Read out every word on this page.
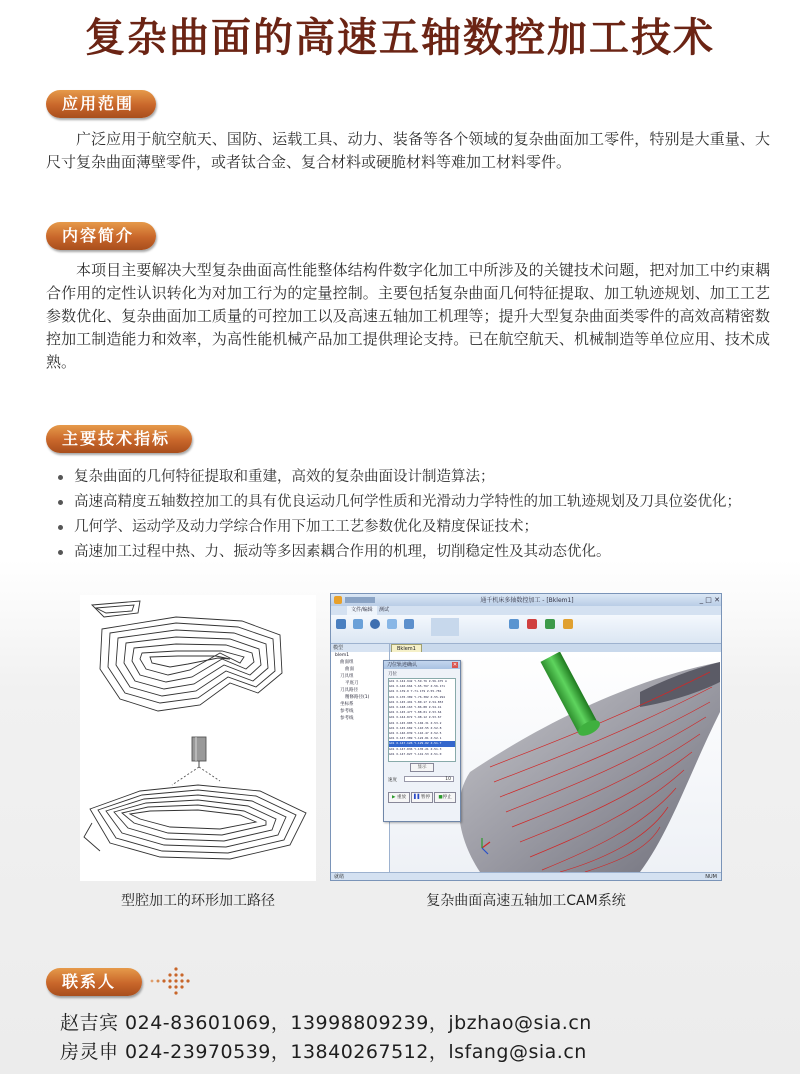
复杂曲面的高速五轴数控加工技术
应用范围
广泛应用于航空航天、国防、运载工具、动力、装备等各个领域的复杂曲面加工零件，特别是大重量、大尺寸复杂曲面薄壁零件，或者钛合金、复合材料或硬脆材料等难加工材料零件。
内容简介
本项目主要解决大型复杂曲面高性能整体结构件数字化加工中所涉及的关键技术问题，把对加工中约束耦合作用的定性认识转化为对加工行为的定量控制。主要包括复杂曲面几何特征提取、加工轨迹规划、加工工艺参数优化、复杂曲面加工质量的可控加工以及高速五轴加工机理等；提升大型复杂曲面类零件的高效高精密数控加工制造能力和效率，为高性能机械产品加工提供理论支持。已在航空航天、机械制造等单位应用、技术成熟。
主要技术指标
复杂曲面的几何特征提取和重建，高效的复杂曲面设计制造算法；
高速高精度五轴数控加工的具有优良运动几何学性质和光滑动力学特性的加工轨迹规划及刀具位姿优化；
几何学、运动学及动力学综合作用下加工工艺参数优化及精度保证技术；
高速加工过程中热、力、振动等多因素耦合作用的机理，切削稳定性及其动态优化。
型腔加工的环形加工路径
通千机床多轴数控加工 - [Bklem1]	_ □ ✕
文件/编辑	测试
Bklem1
模型
blem1
曲面组
曲面
刀具组
平底刀
刀具路径
精修路径(1)
坐标系
参考线
参考线
刀位轨迹确认	✕
刀位
GO1 X-142.942 Y-59.76 Z-56.475 A
GO1 X-140.664 Y-65.767 Z-56.171
GO1 X-139.0 Y-71.179 Z-55.781
GO1 X-135.389 Y-76.382 Z-55.294
GO1 X-145.491 Y-80.17 Z-54.853
GO1 X-148.163 Y-86.88 Z-54.41
GO1 X-145.477 Y-88.01 Z-53.64
GO1 X-144.872 Y-98.12 Z-53.67
GO1 X-145.905 Y-104.31 Z-53.2
GO1 X-145.682 Y-110.55 Z-52.8
GO1 X-146.039 Y-116.47 Z-52.5
GO1 X-147.389 Y-122.81 Z-52.1
GO1 X-147.126 Y-129.02 Z-51.7
GO1 X-147.036 Y-135.21 Z-51.3
GO1 X-147.027 Y-141.53 Z-51.0
显示
速度	10
▶ 重放	▌▌暂停	■停止
就绪	NUM
复杂曲面高速五轴加工CAM系统
联系人
赵吉宾 024-83601069，13998809239，jbzhao@sia.cn
房灵申 024-23970539，13840267512，lsfang@sia.cn
